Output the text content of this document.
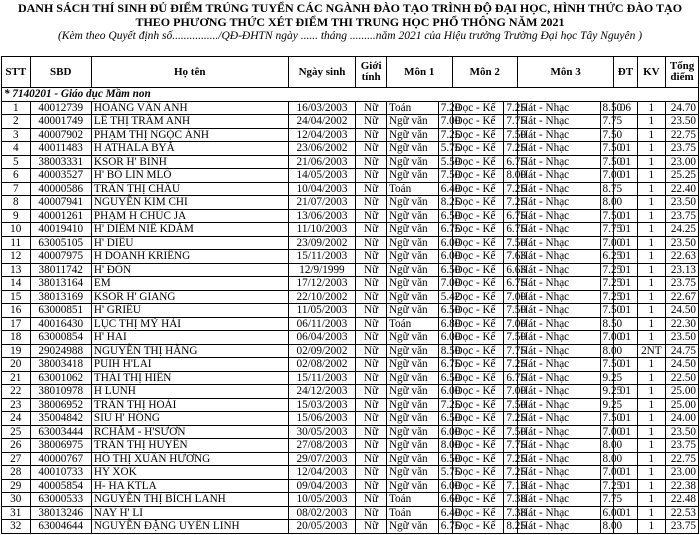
DANH SÁCH THÍ SINH ĐỦ ĐIỂM TRÚNG TUYỂN CÁC NGÀNH ĐÀO TẠO TRÌNH ĐỘ ĐẠI HỌC, HÌNH THỨC ĐÀO TẠO
THEO PHƯƠNG THỨC XÉT ĐIỂM THI TRUNG HỌC PHỔ THÔNG NĂM 2021
(Kèm theo Quyết định số................/QĐ-ĐHTN ngày ...... tháng .........năm 2021 của Hiệu trưởng Trường Đại học Tây Nguyên )
STT	SBD	Họ tên	Ngày sinh	Giới tính	Môn 1		Môn 2		Môn 3		ĐT	KV	Tổng điểm
* 7140201 - Giáo dục Mầm non													
1	40012739	HOÀNG VÂN ANH	16/03/2003	Nữ	Toán	7.20	Đọc - Kể	7.25	Hát - Nhạc	8.50	06	1	24.70
2	40001749	LÊ THỊ TRÂM ANH	24/04/2002	Nữ	Ngữ văn	7.00	Đọc - Kể	7.75	Hát - Nhạc	7.75		1	23.50
3	40007902	PHẠM THỊ NGỌC ÁNH	12/04/2003	Nữ	Ngữ văn	7.25	Đọc - Kể	7.50	Hát - Nhạc	7.50		1	22.75
4	40011483	H ATHALA BYĂ	23/06/2002	Nữ	Ngữ văn	5.75	Đọc - Kể	7.25	Hát - Nhạc	7.50	01	1	23.75
5	38003331	KSOR H' BINH	21/06/2003	Nữ	Ngữ văn	5.50	Đọc - Kể	6.75	Hát - Nhạc	7.50	01	1	23.00
6	40003527	H' BÔ LIN MLÔ	14/05/2003	Nữ	Ngữ văn	7.50	Đọc - Kể	8.00	Hát - Nhạc	7.00	01	1	25.25
7	40000586	TRẦN THỊ CHÂU	10/04/2003	Nữ	Toán	6.40	Đọc - Kể	7.25	Hát - Nhạc	8.75		1	22.40
8	40007941	NGUYỄN KIM CHI	21/07/2003	Nữ	Ngữ văn	8.25	Đọc - Kể	7.25	Hát - Nhạc	8.00		1	23.50
9	40001261	PHẠM H CHÚC JA	13/06/2003	Nữ	Ngữ văn	6.50	Đọc - Kể	6.75	Hát - Nhạc	7.50	01	1	23.75
10	40019410	H' DIÊM NIÊ KDĂM	11/10/2003	Nữ	Ngữ văn	6.75	Đọc - Kể	6.75	Hát - Nhạc	7.75	01	1	24.25
11	63005105	H' DIÊU	23/09/2002	Nữ	Ngữ văn	6.00	Đọc - Kể	7.50	Hát - Nhạc	7.00	01	1	23.50
12	40007975	H DOANH KRIÊNG	15/11/2003	Nữ	Ngữ văn	6.00	Đọc - Kể	7.63	Hát - Nhạc	6.25	01	1	22.63
13	38011742	H' ĐÔN	12/9/1999	Nữ	Ngữ văn	6.50	Đọc - Kể	6.63	Hát - Nhạc	7.25	01	1	23.13
14	38013164	EM	17/12/2003	Nữ	Ngữ văn	7.00	Đọc - Kể	6.75	Hát - Nhạc	7.25	01	1	23.75
15	38013169	KSOR H' GIANG	22/10/2002	Nữ	Ngữ văn	5.42	Đọc - Kể	7.00	Hát - Nhạc	7.25	01	1	22.67
16	63000851	H' GRIÊU	11/05/2003	Nữ	Ngữ văn	6.50	Đọc - Kể	7.50	Hát - Nhạc	7.50	01	1	24.50
17	40016430	LỤC THỊ MỸ HẢI	06/11/2003	Nữ	Toán	6.80	Đọc - Kể	7.00	Hát - Nhạc	8.50		1	22.30
18	63000854	H' HAI	06/04/2003	Nữ	Ngữ văn	6.00	Đọc - Kể	7.50	Hát - Nhạc	7.00	01	1	23.50
19	29024988	NGUYỄN THỊ HẰNG	02/09/2002	Nữ	Ngữ văn	8.50	Đọc - Kể	7.75	Hát - Nhạc	8.00		2NT	24.75
20	38003418	PUIH H'LAI	02/08/2002	Nữ	Ngữ văn	6.75	Đọc - Kể	7.25	Hát - Nhạc	7.50	01	1	24.50
21	63001062	THÁI THỊ HIÊN	15/11/2003	Nữ	Ngữ văn	6.50	Đọc - Kể	6.75	Hát - Nhạc	9.25		1	22.50
22	38010978	H LUNH	24/12/2003	Nữ	Ngữ văn	6.00	Đọc - Kể	7.00	Hát - Nhạc	9.25	01	1	25.00
23	38006952	TRẦN THỊ HOÀI	15/03/2003	Nữ	Ngữ văn	7.25	Đọc - Kể	7.50	Hát - Nhạc	9.25		1	25.00
24	35004842	SIU H' HỒNG	15/06/2003	Nữ	Ngữ văn	6.50	Đọc - Kể	7.25	Hát - Nhạc	7.50	01	1	24.00
25	63003444	RCHĂM - H'SƯƠN	30/05/2003	Nữ	Ngữ văn	6.00	Đọc - Kể	7.50	Hát - Nhạc	7.00	01	1	23.50
26	38006975	TRẦN THỊ HUYỀN	27/08/2003	Nữ	Ngữ văn	8.00	Đọc - Kể	7.75	Hát - Nhạc	8.00		1	23.75
27	40000767	HỒ THỊ XUÂN HƯƠNG	29/07/2003	Nữ	Ngữ văn	6.50	Đọc - Kể	7.25	Hát - Nhạc	8.00		1	22.75
28	40010733	HY XOK	12/04/2003	Nữ	Ngữ văn	5.75	Đọc - Kể	7.25	Hát - Nhạc	7.00	01	1	23.00
29	40005854	H- HA KTLA	09/04/2003	Nữ	Ngữ văn	6.00	Đọc - Kể	7.13	Hát - Nhạc	7.25	01	1	22.38
30	63000533	NGUYỄN THỊ BÍCH LANH	10/05/2003	Nữ	Toán	6.60	Đọc - Kể	7.38	Hát - Nhạc	7.75		1	22.48
31	38013246	NAY H' LI	08/02/2003	Nữ	Toán	6.40	Đọc - Kể	7.38	Hát - Nhạc	6.00	01	1	22.53
32	63004644	NGUYỄN ĐẶNG UYÊN LINH	20/05/2003	Nữ	Ngữ văn	6.75	Đọc - Kể	8.25	Hát - Nhạc	8.00		1	23.75
